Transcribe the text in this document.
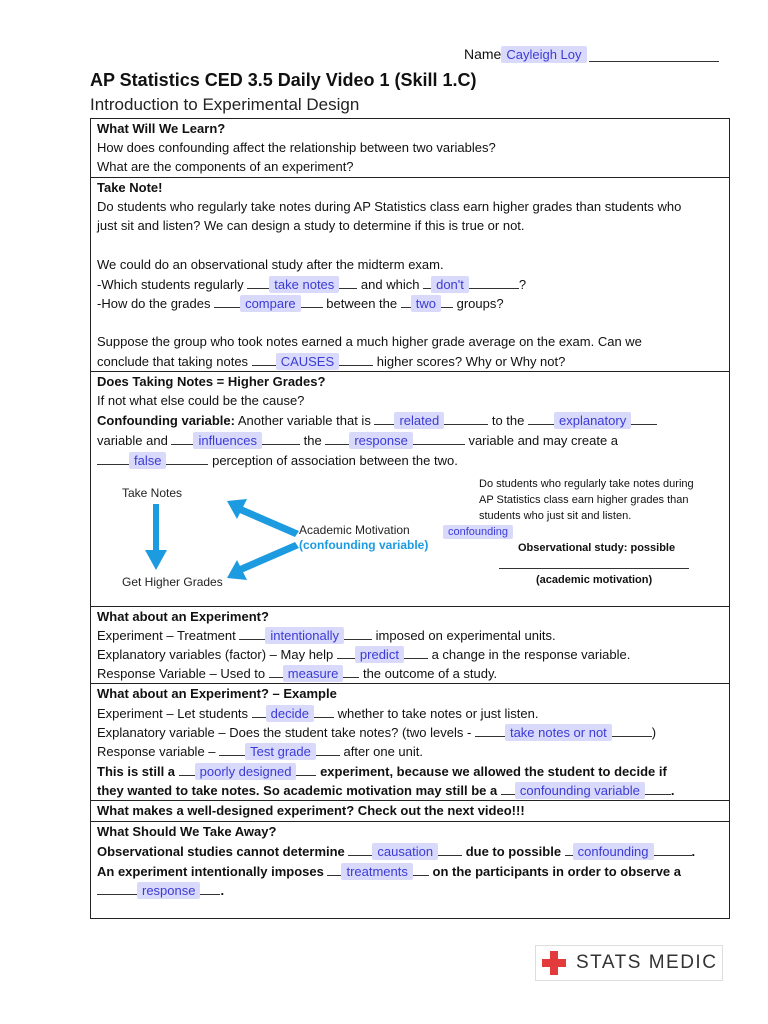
Name Cayleigh Loy
AP Statistics CED 3.5 Daily Video 1 (Skill 1.C)
Introduction to Experimental Design
What Will We Learn?
How does confounding affect the relationship between two variables?
What are the components of an experiment?
Take Note!
Do students who regularly take notes during AP Statistics class earn higher grades than students who
just sit and listen? We can design a study to determine if this is true or not.
We could do an observational study after the midterm exam.
-Which students regularly take notes and which don't	?
-How do the grades	compare between the two groups?
Suppose the group who took notes earned a much higher grade average on the exam. Can we
conclude that taking notes	CAUSES	higher scores? Why or Why not?
Does Taking Notes = Higher Grades?
If not what else could be the cause?
Confounding variable: Another variable that is related	to the	explanatory
variable and influences	the	response	variable and may create a
false	perception of association between the two.
Take Notes
Get Higher Grades
Academic Motivation
(confounding variable)
confounding
Do students who regularly take notes during
AP Statistics class earn higher grades than
students who just sit and listen.
Observational study: possible
(academic motivation)
What about an Experiment?
Experiment – Treatment	intentionally	imposed on experimental units.
Explanatory variables (factor) – May help predict	a change in the response variable.
Response Variable – Used to measure the outcome of a study.
What about an Experiment? – Example
Experiment – Let students decide whether to take notes or just listen.
Explanatory variable – Does the student take notes? (two levels -	take notes or not	)
Response variable –	Test grade	after one unit.
This is still a poorly designed experiment, because we allowed the student to decide if
they wanted to take notes. So academic motivation may still be a confounding variable .
What makes a well-designed experiment? Check out the next video!!!
What Should We Take Away?
Observational studies cannot determine	causation	due to possible confounding	.
An experiment intentionally imposes treatments on the participants in order to observe a
response .
STATS MEDIC
